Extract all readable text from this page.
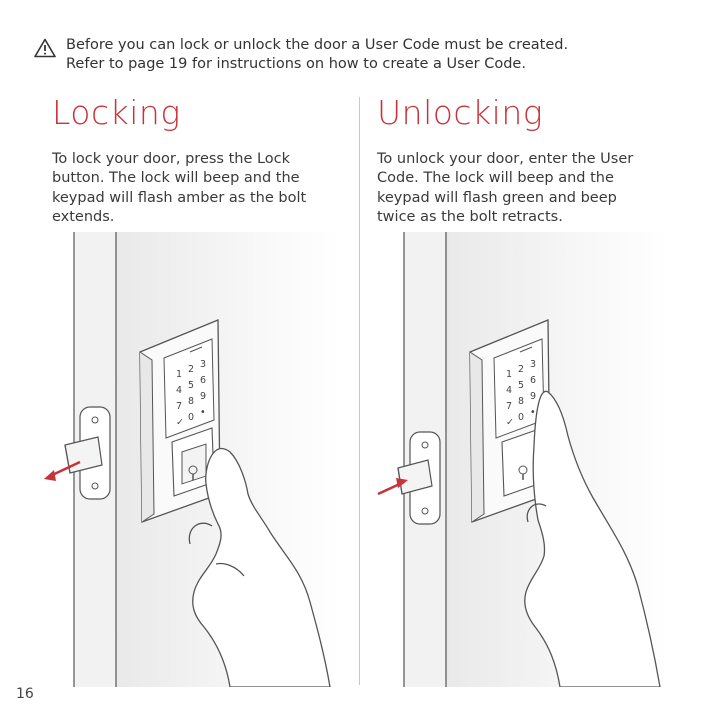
Before you can lock or unlock the door a User Code must be created.
Refer to page 19 for instructions on how to create a User Code.
Locking
To lock your door, press the Lock
button. The lock will beep and the
keypad will flash amber as the bolt
extends.
Unlocking
To unlock your door, enter the User
Code. The lock will beep and the
keypad will flash green and beep
twice as the bolt retracts.
1 2 3
4 5 6
7 8 9
✓ 0 •
1 2 3
4 5 6
7 8 9
✓ 0 •
16
